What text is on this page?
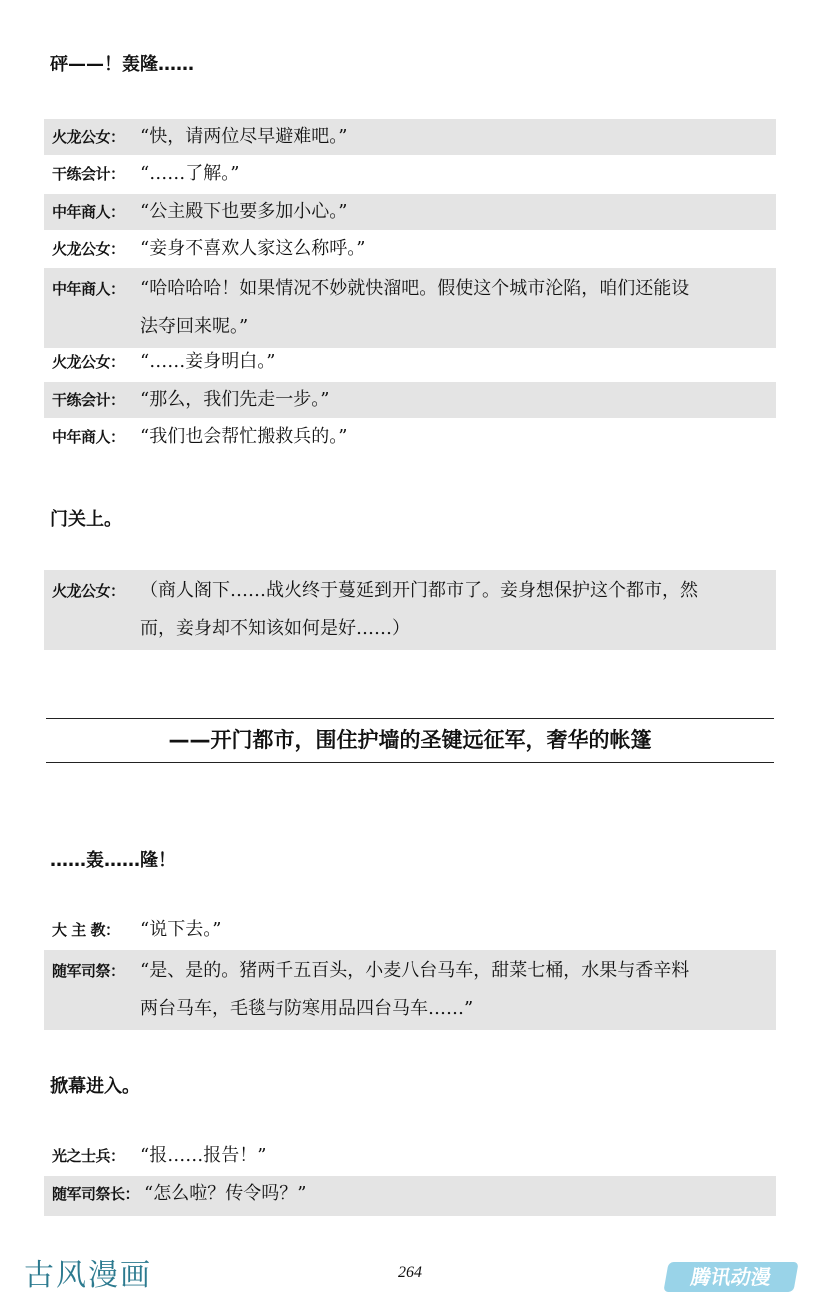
砰——！轰隆……
火龙公女： “快，请两位尽早避难吧。”
干练会计： “……了解。”
中年商人： “公主殿下也要多加小心。”
火龙公女： “妾身不喜欢人家这么称呼。”
中年商人： “哈哈哈哈！如果情况不妙就快溜吧。假使这个城市沦陷，咱们还能设
法夺回来呢。”
火龙公女： “……妾身明白。”
干练会计： “那么，我们先走一步。”
中年商人： “我们也会帮忙搬救兵的。”
门关上。
火龙公女： （商人阁下……战火终于蔓延到开门都市了。妾身想保护这个都市，然
而，妾身却不知该如何是好……）
——开门都市，围住护墙的圣键远征军，奢华的帐篷
……轰……隆！
大 主 教：	“说下去。”
随军司祭： “是、是的。猪两千五百头，小麦八台马车，甜菜七桶，水果与香辛料
两台马车，毛毯与防寒用品四台马车……”
掀幕进入。
光之士兵： “报……报告！”
随军司祭长： “怎么啦？传令吗？”
古风漫画	264	腾讯动漫
